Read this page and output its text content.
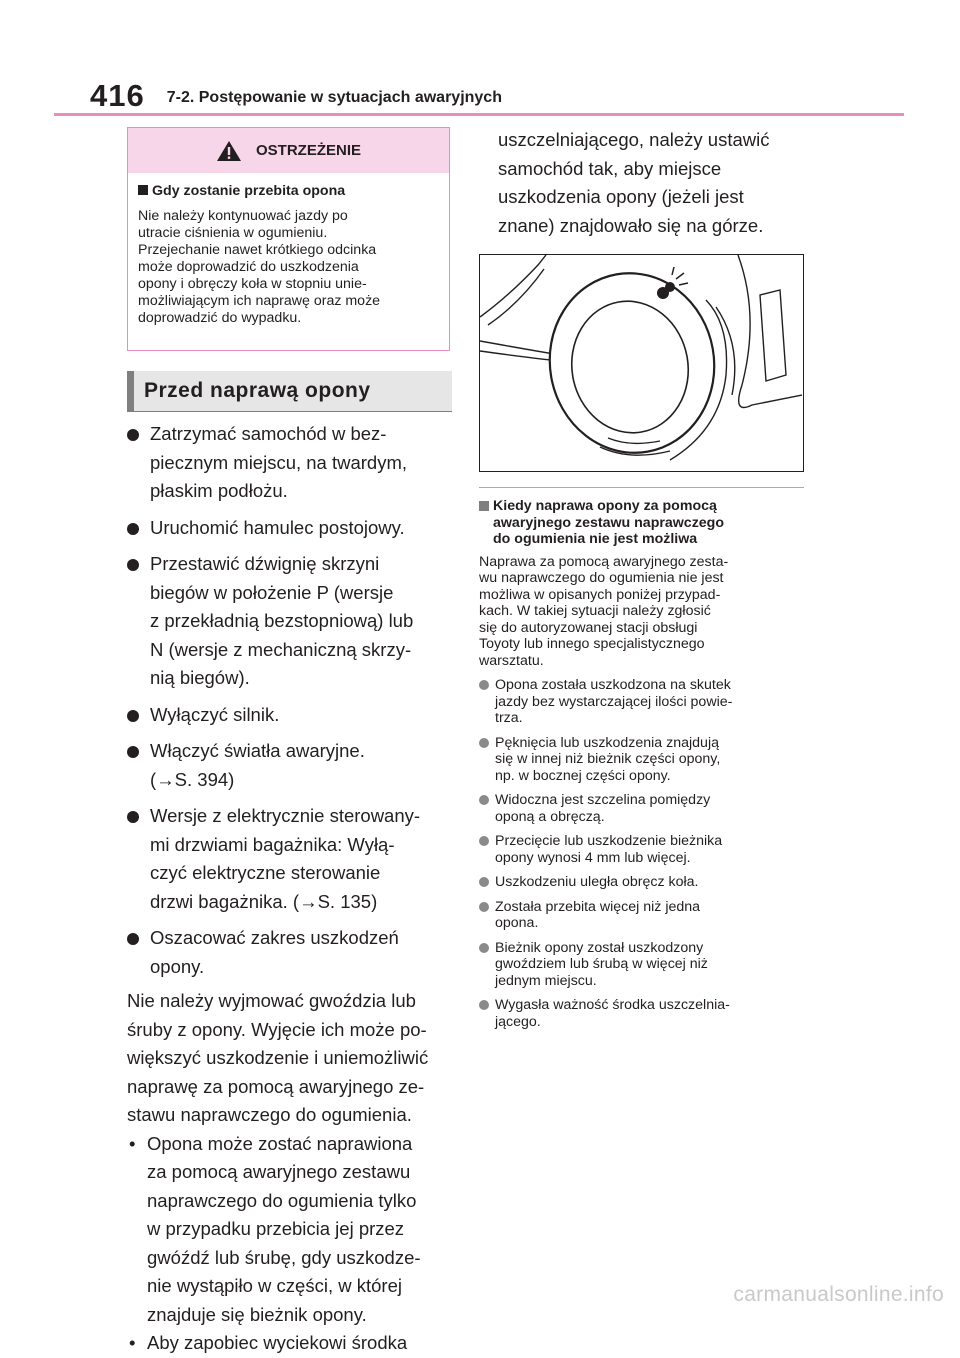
416 7-2. Postępowanie w sytuacjach awaryjnych
OSTRZEŻENIE
Gdy zostanie przebita opona
Nie należy kontynuować jazdy po
utracie ciśnienia w ogumieniu.
Przejechanie nawet krótkiego odcinka
może doprowadzić do uszkodzenia
opony i obręczy koła w stopniu unie-
możliwiającym ich naprawę oraz może
doprowadzić do wypadku.
Przed naprawą opony
Zatrzymać samochód w bez-
piecznym miejscu, na twardym,
płaskim podłożu.
Uruchomić hamulec postojowy.
Przestawić dźwignię skrzyni
biegów w położenie P (wersje
z przekładnią bezstopniową) lub
N (wersje z mechaniczną skrzy-
nią biegów).
Wyłączyć silnik.
Włączyć światła awaryjne.
(→S. 394)
Wersje z elektrycznie sterowany-
mi drzwiami bagażnika: Wyłą-
czyć elektryczne sterowanie
drzwi bagażnika. (→S. 135)
Oszacować zakres uszkodzeń
opony.
Nie należy wyjmować gwoździa lub
śruby z opony. Wyjęcie ich może po-
większyć uszkodzenie i uniemożliwić
naprawę za pomocą awaryjnego ze-
stawu naprawczego do ogumienia.
• Opona może zostać naprawiona
za pomocą awaryjnego zestawu
naprawczego do ogumienia tylko
w przypadku przebicia jej przez
gwóźdź lub śrubę, gdy uszkodze-
nie wystąpiło w części, w której
znajduje się bieżnik opony.
• Aby zapobiec wyciekowi środka
uszczelniającego, należy ustawić
samochód tak, aby miejsce
uszkodzenia opony (jeżeli jest
znane) znajdowało się na górze.
Kiedy naprawa opony za pomocą
awaryjnego zestawu naprawczego
do ogumienia nie jest możliwa
Naprawa za pomocą awaryjnego zesta-
wu naprawczego do ogumienia nie jest
możliwa w opisanych poniżej przypad-
kach. W takiej sytuacji należy zgłosić
się do autoryzowanej stacji obsługi
Toyoty lub innego specjalistycznego
warsztatu.
Opona została uszkodzona na skutek
jazdy bez wystarczającej ilości powie-
trza.
Pęknięcia lub uszkodzenia znajdują
się w innej niż bieżnik części opony,
np. w bocznej części opony.
Widoczna jest szczelina pomiędzy
oponą a obręczą.
Przecięcie lub uszkodzenie bieżnika
opony wynosi 4 mm lub więcej.
Uszkodzeniu uległa obręcz koła.
Została przebita więcej niż jedna
opona.
Bieżnik opony został uszkodzony
gwoździem lub śrubą w więcej niż
jednym miejscu.
Wygasła ważność środka uszczelnia-
jącego.
carmanualsonline.info
